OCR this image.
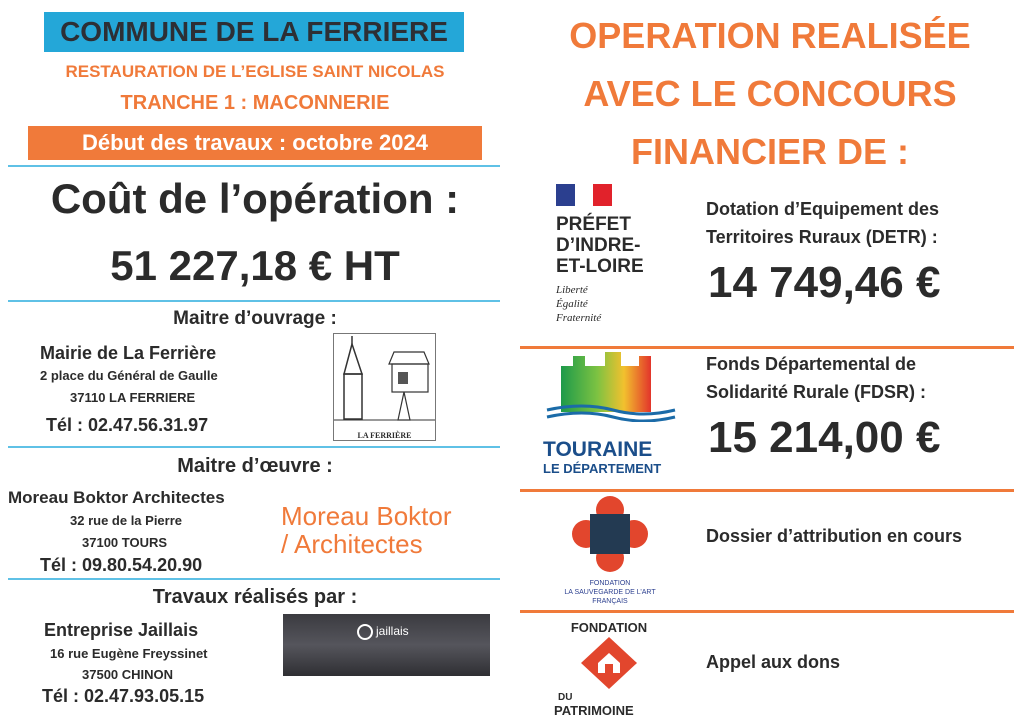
COMMUNE DE LA FERRIERE
RESTAURATION DE L’EGLISE SAINT NICOLAS
TRANCHE 1 : MACONNERIE
Début des travaux : octobre 2024
Coût de l’opération :
51 227,18 € HT
Maitre d’ouvrage :
Mairie de La Ferrière
2 place du Général de Gaulle
37110 LA FERRIERE
Tél : 02.47.56.31.97
LA FERRIÈRE
Maitre d’œuvre :
Moreau Boktor Architectes
32 rue de la Pierre
37100 TOURS
Tél : 09.80.54.20.90
Moreau Boktor
/ Architectes
Travaux réalisés par :
Entreprise Jaillais
16 rue Eugène Freyssinet
37500 CHINON
Tél : 02.47.93.05.15
jaillais
OPERATION REALISÉE
AVEC LE CONCOURS
FINANCIER DE :
PRÉFET
D’INDRE-
ET-LOIRE
Liberté
Égalité
Fraternité
Dotation d’Equipement des
Territoires Ruraux (DETR) :
14 749,46 €
TOURAINE
LE DÉPARTEMENT
Fonds Départemental de
Solidarité Rurale (FDSR) :
15 214,00 €
FONDATION
LA SAUVEGARDE DE L’ART
FRANÇAIS
Dossier d’attribution en cours
FONDATION
DU
PATRIMOINE
Appel aux dons
